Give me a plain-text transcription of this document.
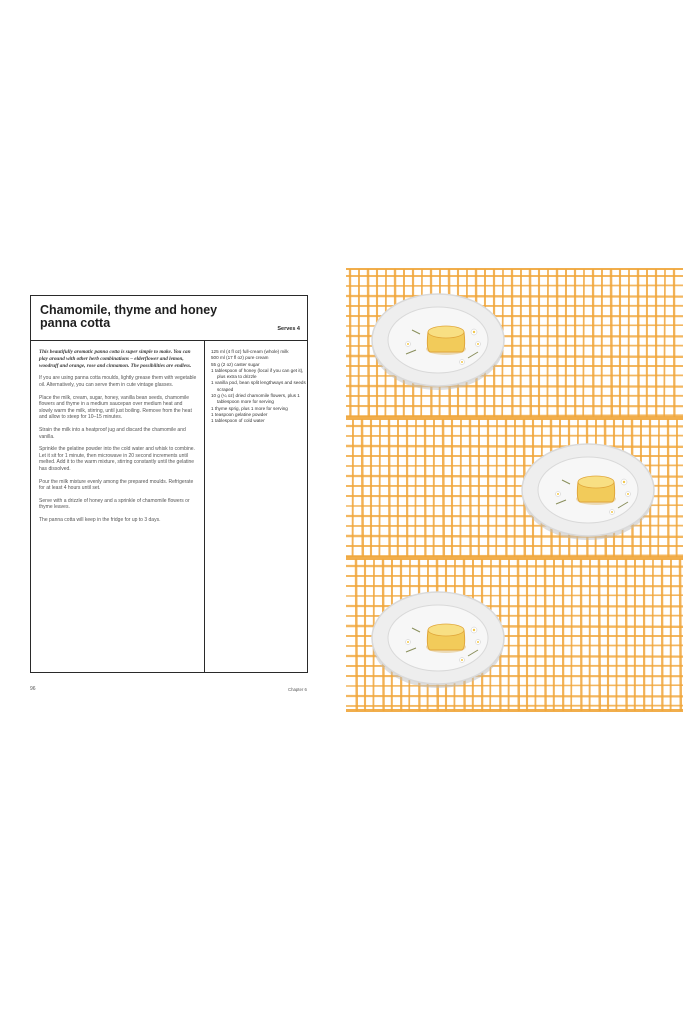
Chamomile, thyme and honey panna cotta	Serves 4

This beautifully aromatic panna cotta is super simple to make. You can play around with other herb combinations – elderflower and lemon, woodruff and orange, rose and cinnamon. The possibilities are endless.

If you are using panna cotta moulds, lightly grease them with vegetable oil. Alternatively, you can serve them in cute vintage glasses.

Place the milk, cream, sugar, honey, vanilla bean seeds, chamomile flowers and thyme in a medium saucepan over medium heat and slowly warm the milk, stirring, until just boiling. Remove from the heat and allow to steep for 10–15 minutes.

Strain the milk into a heatproof jug and discard the chamomile and vanilla.

Sprinkle the gelatine powder into the cold water and whisk to combine. Let it sit for 1 minute, then microwave in 20 second increments until melted. Add it to the warm mixture, stirring constantly until the gelatine has dissolved.

Pour the milk mixture evenly among the prepared moulds. Refrigerate for at least 4 hours until set.

Serve with a drizzle of honey and a sprinkle of chamomile flowers or thyme leaves.

The panna cotta will keep in the fridge for up to 3 days.

125 ml (4 fl oz) full-cream (whole) milk
500 ml (17 fl oz) pure cream
55 g (2 oz) caster sugar
1 tablespoon of honey (local if you can get it), plus extra to drizzle
1 vanilla pod, bean split lengthways and seeds scraped
10 g (¼ oz) dried chamomile flowers, plus 1 tablespoon more for serving
1 thyme sprig, plus 1 more for serving
1 teaspoon gelatine powder
1 tablespoon of cold water
96	Chapter 6
